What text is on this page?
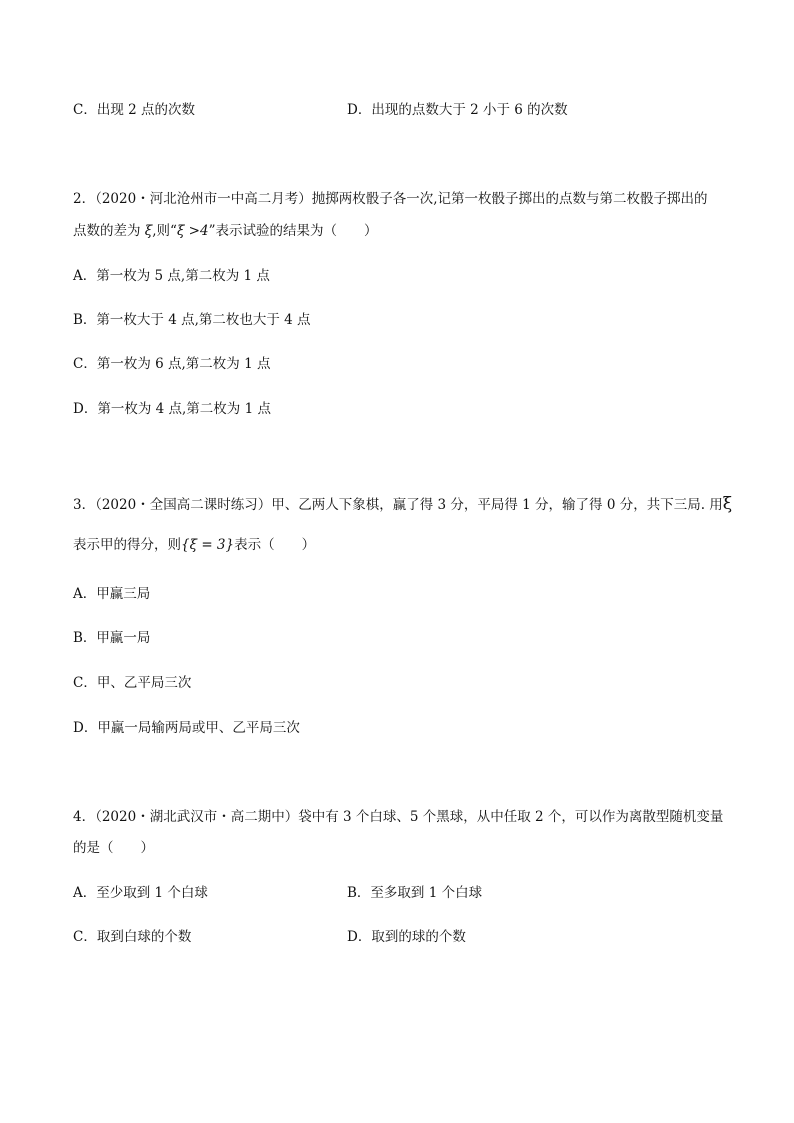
C．出现 2 点的次数	D．出现的点数大于 2 小于 6 的次数
2．（2020・河北沧州市一中高二月考）抛掷两枚骰子各一次,记第一枚骰子掷出的点数与第二枚骰子掷出的
点数的差为 ξ,则“ξ >4”表示试验的结果为（　　）
A．第一枚为 5 点,第二枚为 1 点
B．第一枚大于 4 点,第二枚也大于 4 点
C．第一枚为 6 点,第二枚为 1 点
D．第一枚为 4 点,第二枚为 1 点
3．（2020・全国高二课时练习）甲、乙两人下象棋，赢了得 3 分，平局得 1 分，输了得 0 分，共下三局. 用ξ
表示甲的得分，则{ξ = 3}表示（　　）
A．甲赢三局
B．甲赢一局
C．甲、乙平局三次
D．甲赢一局输两局或甲、乙平局三次
4．（2020・湖北武汉市・高二期中）袋中有 3 个白球、5 个黑球，从中任取 2 个，可以作为离散型随机变量
的是（　　）
A．至少取到 1 个白球	B．至多取到 1 个白球
C．取到白球的个数	D．取到的球的个数
